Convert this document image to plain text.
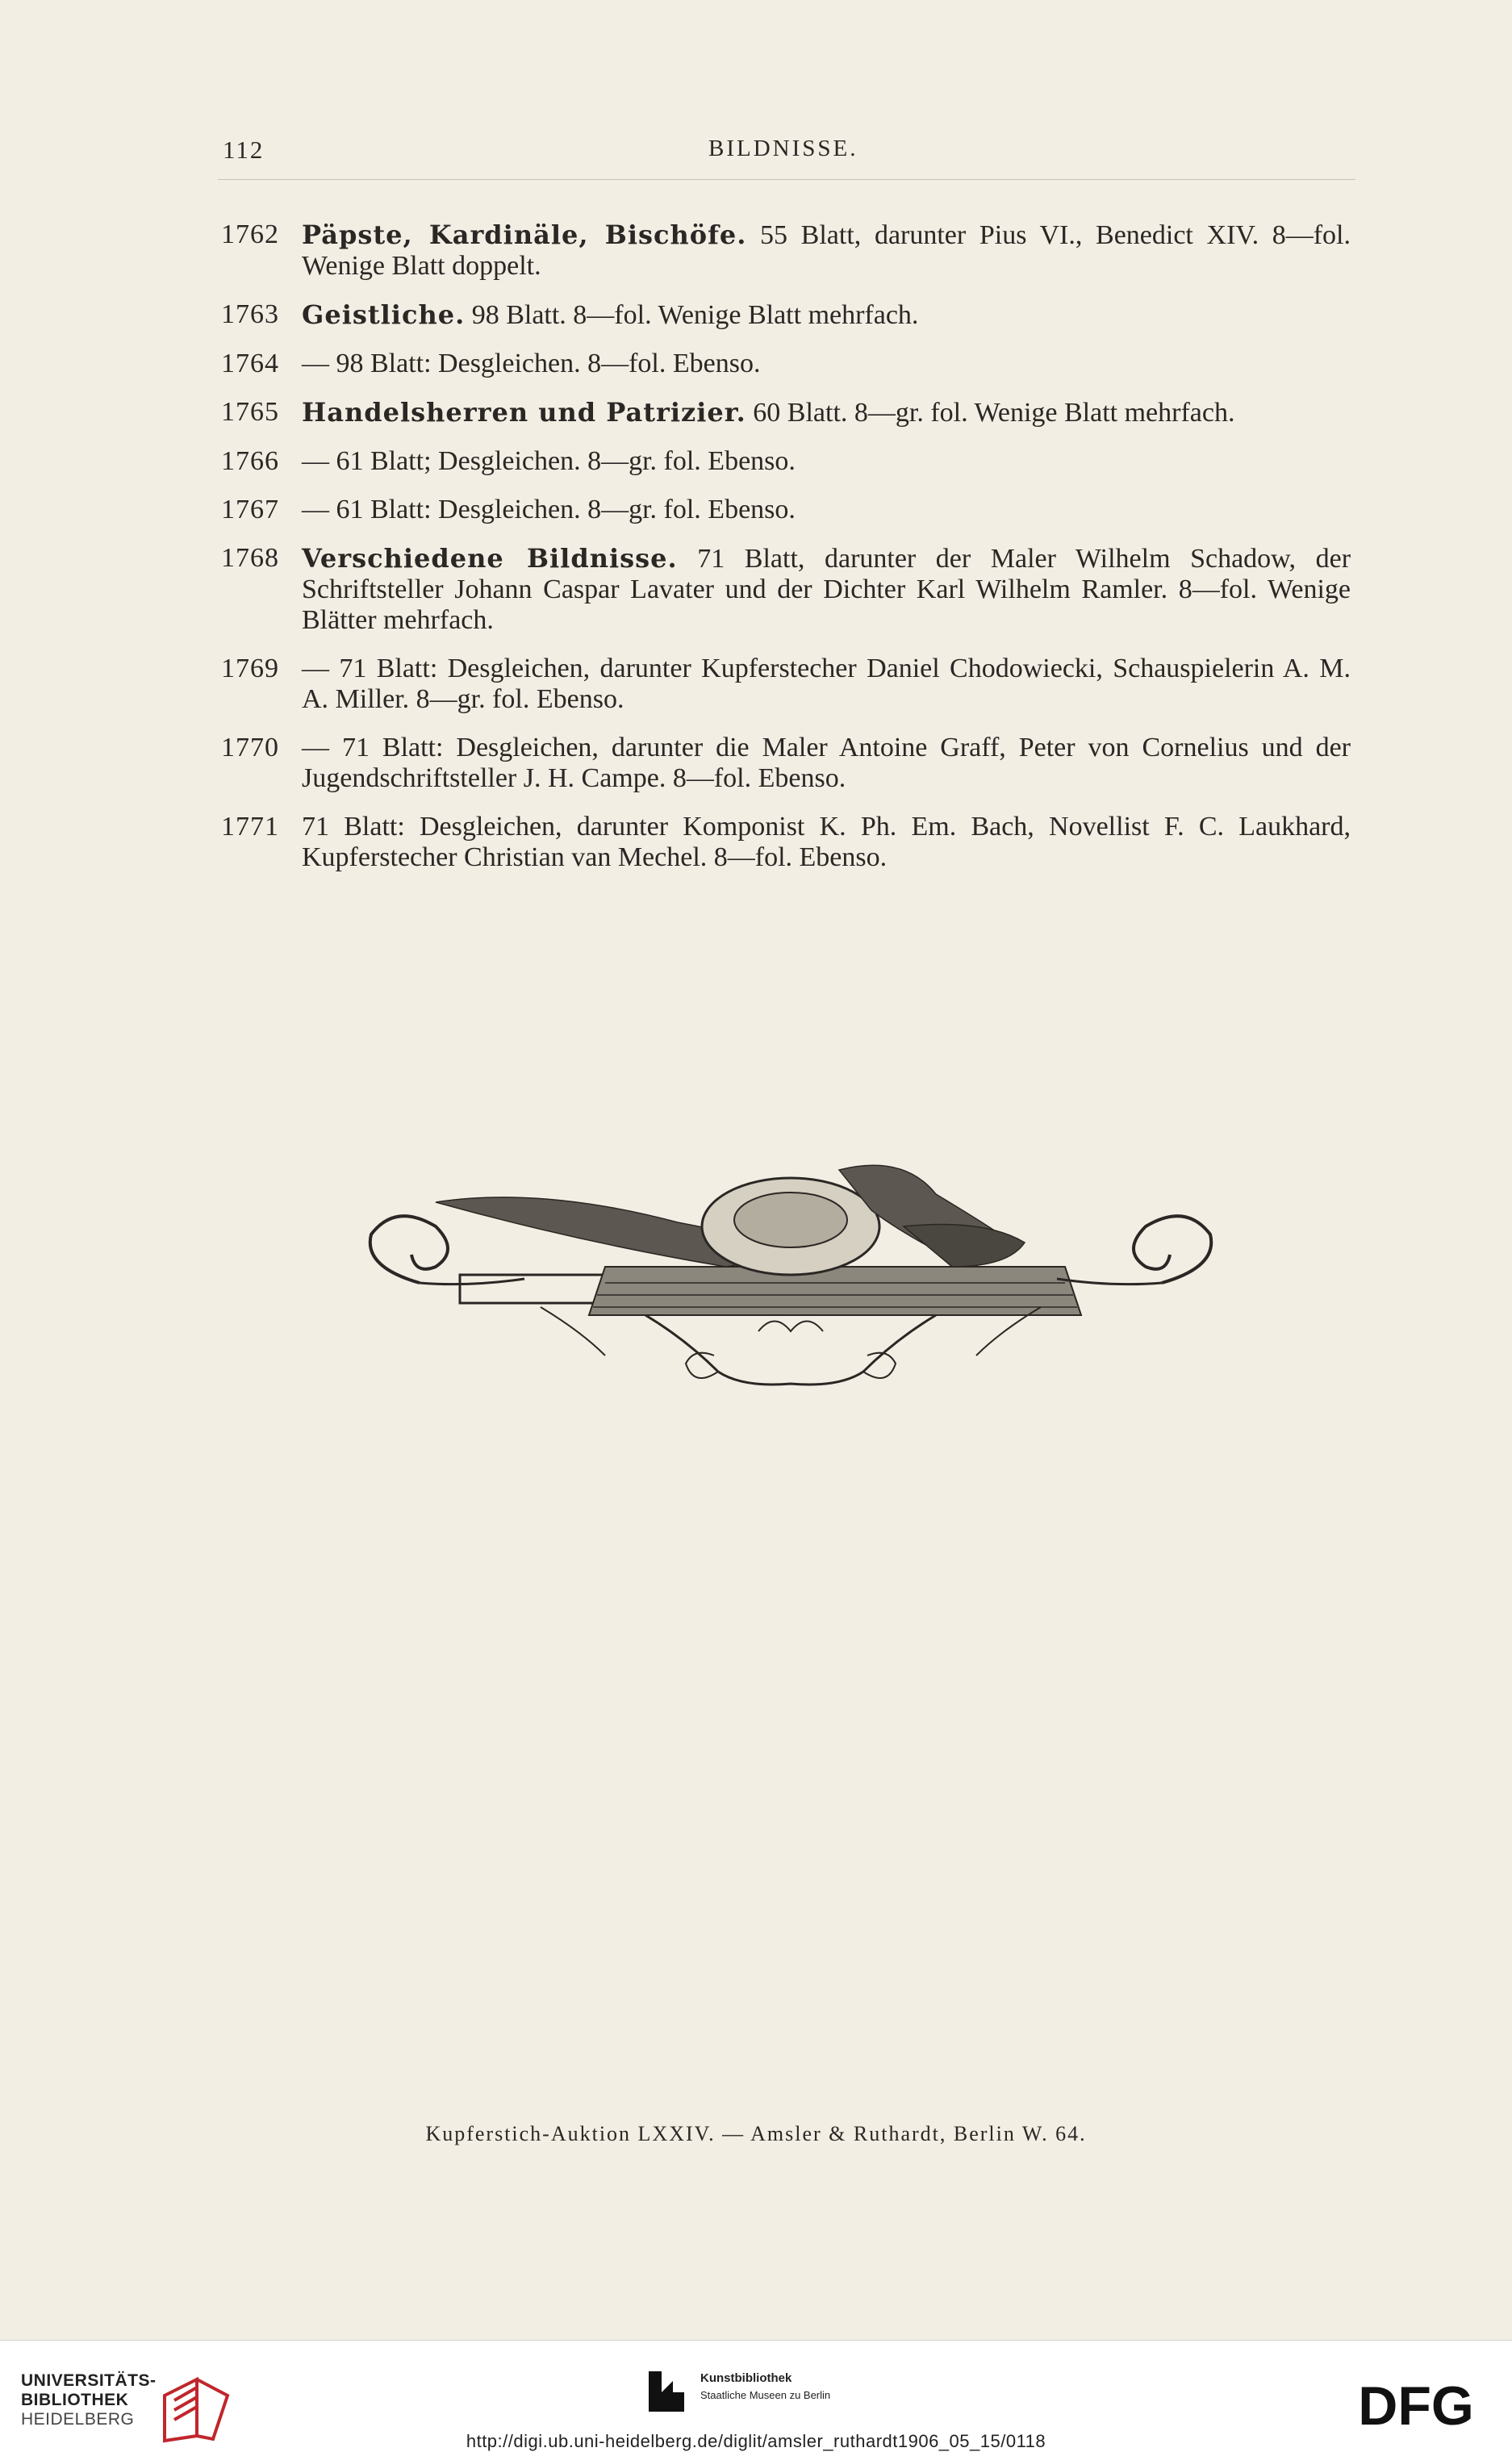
112	BILDNISSE.
1762 Päpste, Kardinäle, Bischöfe. 55 Blatt, darunter Pius VI., Benedict XIV. 8—fol. Wenige Blatt doppelt.
1763 Geistliche. 98 Blatt. 8—fol. Wenige Blatt mehrfach.
1764 — 98 Blatt: Desgleichen. 8—fol. Ebenso.
1765 Handelsherren und Patrizier. 60 Blatt. 8—gr. fol. Wenige Blatt mehrfach.
1766 — 61 Blatt; Desgleichen. 8—gr. fol. Ebenso.
1767 — 61 Blatt: Desgleichen. 8—gr. fol. Ebenso.
1768 Verschiedene Bildnisse. 71 Blatt, darunter der Maler Wilhelm Schadow, der Schriftsteller Johann Caspar Lavater und der Dichter Karl Wilhelm Ramler. 8—fol. Wenige Blätter mehrfach.
1769 — 71 Blatt: Desgleichen, darunter Kupferstecher Daniel Chodowiecki, Schauspielerin A. M. A. Miller. 8—gr. fol. Ebenso.
1770 — 71 Blatt: Desgleichen, darunter die Maler Antoine Graff, Peter von Cornelius und der Jugendschriftsteller J. H. Campe. 8—fol. Ebenso.
1771 71 Blatt: Desgleichen, darunter Komponist K. Ph. Em. Bach, Novellist F. C. Laukhard, Kupferstecher Christian van Mechel. 8—fol. Ebenso.
Kupferstich-Auktion LXXIV. — Amsler & Ruthardt, Berlin W. 64.
UNIVERSITÄTS-
BIBLIOTHEK
HEIDELBERG
Kunstbibliothek
Staatliche Museen zu Berlin	DFG
http://digi.ub.uni-heidelberg.de/diglit/amsler_ruthardt1906_05_15/0118
